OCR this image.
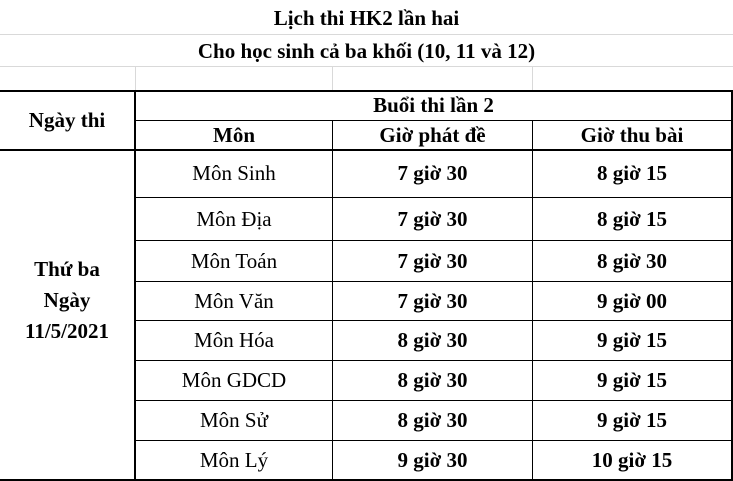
Lịch thi HK2 lần hai
Cho học sinh cả ba khối (10, 11 và 12)
Ngày thi
Buổi thi lần 2
Môn	Giờ phát đề	Giờ thu bài
Thứ ba
Ngày
11/5/2021
Môn Sinh	7 giờ 30	8 giờ 15
Môn Địa	7 giờ 30	8 giờ 15
Môn Toán	7 giờ 30	8 giờ 30
Môn Văn	7 giờ 30	9 giờ 00
Môn Hóa	8 giờ 30	9 giờ 15
Môn GDCD	8 giờ 30	9 giờ 15
Môn Sử	8 giờ 30	9 giờ 15
Môn Lý	9 giờ 30	10 giờ 15
